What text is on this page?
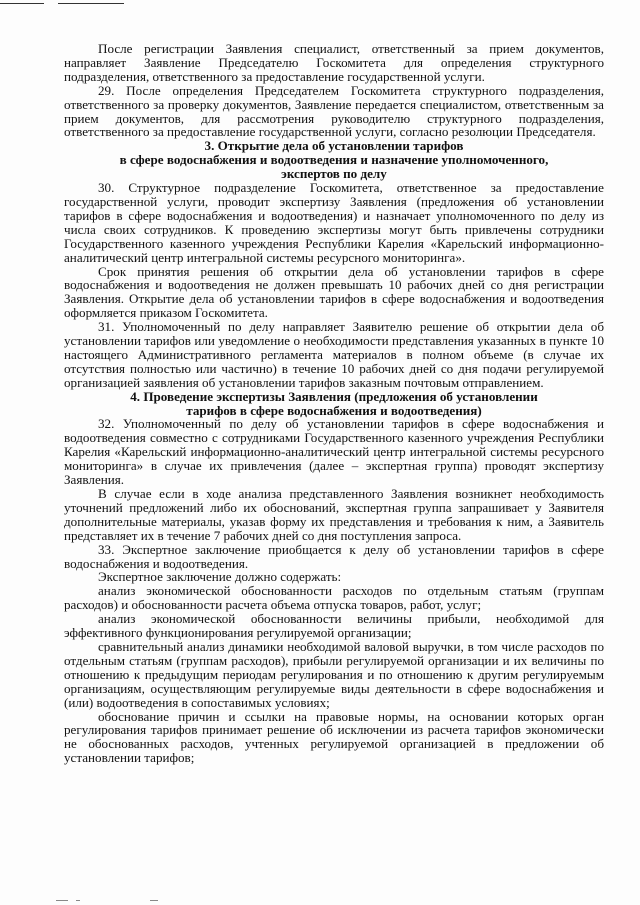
После регистрации Заявления специалист, ответственный за прием документов, направляет Заявление Председателю Госкомитета для определения структурного подразделения, ответственного за предоставление государственной услуги.

29. После определения Председателем Госкомитета структурного подразделения, ответственного за проверку документов, Заявление передается специалистом, ответственным за прием документов, для рассмотрения руководителю структурного подразделения, ответственного за предоставление государственной услуги, согласно резолюции Председателя.

3. Открытие дела об установлении тарифов
в сфере водоснабжения и водоотведения и назначение уполномоченного,
экспертов по делу

30. Структурное подразделение Госкомитета, ответственное за предоставление государственной услуги, проводит экспертизу Заявления (предложения об установлении тарифов в сфере водоснабжения и водоотведения) и назначает уполномоченного по делу из числа своих сотрудников. К проведению экспертизы могут быть привлечены сотрудники Государственного казенного учреждения Республики Карелия «Карельский информационно-аналитический центр интегральной системы ресурсного мониторинга».

Срок принятия решения об открытии дела об установлении тарифов в сфере водоснабжения и водоотведения не должен превышать 10 рабочих дней со дня регистрации Заявления. Открытие дела об установлении тарифов в сфере водоснабжения и водоотведения оформляется приказом Госкомитета.

31. Уполномоченный по делу направляет Заявителю решение об открытии дела об установлении тарифов или уведомление о необходимости представления указанных в пункте 10 настоящего Административного регламента материалов в полном объеме (в случае их отсутствия полностью или частично) в течение 10 рабочих дней со дня подачи регулируемой организацией заявления об установлении тарифов заказным почтовым отправлением.

4. Проведение экспертизы Заявления (предложения об установлении
тарифов в сфере водоснабжения и водоотведения)

32. Уполномоченный по делу об установлении тарифов в сфере водоснабжения и водоотведения совместно с сотрудниками Государственного казенного учреждения Республики Карелия «Карельский информационно-аналитический центр интегральной системы ресурсного мониторинга» в случае их привлечения (далее – экспертная группа) проводят экспертизу Заявления.

В случае если в ходе анализа представленного Заявления возникнет необходимость уточнений предложений либо их обоснований, экспертная группа запрашивает у Заявителя дополнительные материалы, указав форму их представления и требования к ним, а Заявитель представляет их в течение 7 рабочих дней со дня поступления запроса.

33. Экспертное заключение приобщается к делу об установлении тарифов в сфере водоснабжения и водоотведения.

Экспертное заключение должно содержать:

анализ экономической обоснованности расходов по отдельным статьям (группам расходов) и обоснованности расчета объема отпуска товаров, работ, услуг;

анализ экономической обоснованности величины прибыли, необходимой для эффективного функционирования регулируемой организации;

сравнительный анализ динамики необходимой валовой выручки, в том числе расходов по отдельным статьям (группам расходов), прибыли регулируемой организации и их величины по отношению к предыдущим периодам регулирования и по отношению к другим регулируемым организациям, осуществляющим регулируемые виды деятельности в сфере водоснабжения и (или) водоотведения в сопоставимых условиях;

обоснование причин и ссылки на правовые нормы, на основании которых орган регулирования тарифов принимает решение об исключении из расчета тарифов экономически не обоснованных расходов, учтенных регулируемой организацией в предложении об установлении тарифов;
